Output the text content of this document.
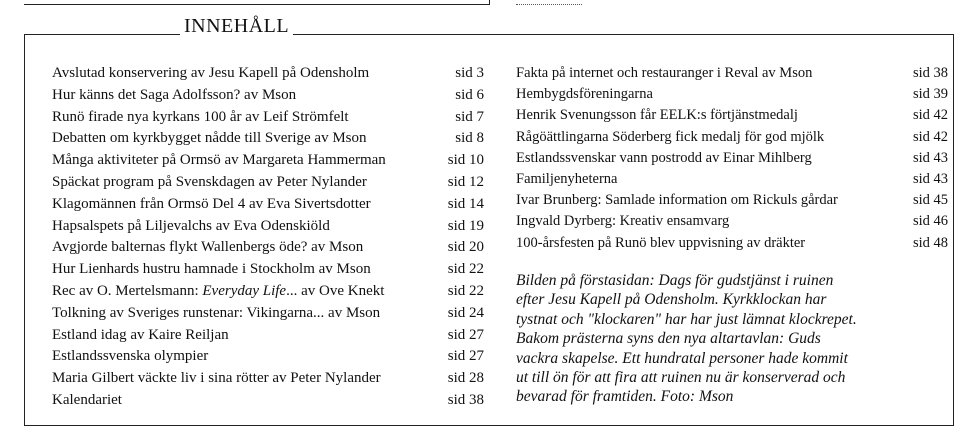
INNEHÅLL
Avslutad konservering av Jesu Kapell på Odensholm	sid 3
Hur känns det Saga Adolfsson? av Mson	sid 6
Runö firade nya kyrkans 100 år av Leif Strömfelt	sid 7
Debatten om kyrkbygget nådde till Sverige av Mson	sid 8
Många aktiviteter på Ormsö av Margareta Hammerman	sid 10
Späckat program på Svenskdagen av Peter Nylander	sid 12
Klagomännen från Ormsö Del 4 av Eva Sivertsdotter	sid 14
Hapsalspets på Liljevalchs av Eva Odenskiöld	sid 19
Avgjorde balternas flykt Wallenbergs öde? av Mson	sid 20
Hur Lienhards hustru hamnade i Stockholm av Mson	sid 22
Rec av O. Mertelsmann: Everyday Life... av Ove Knekt	sid 22
Tolkning av Sveriges runstenar: Vikingarna... av Mson	sid 24
Estland idag av Kaire Reiljan	sid 27
Estlandssvenska olympier	sid 27
Maria Gilbert väckte liv i sina rötter av Peter Nylander	sid 28
Kalendariet	sid 38
Fakta på internet och restauranger i Reval av Mson	sid 38
Hembygdsföreningarna	sid 39
Henrik Svenungsson får EELK:s förtjänstmedalj	sid 42
Rågöättlingarna Söderberg fick medalj för god mjölk	sid 42
Estlandssvenskar vann postrodd av Einar Mihlberg	sid 43
Familjenyheterna	sid 43
Ivar Brunberg: Samlade information om Rickuls gårdar	sid 45
Ingvald Dyrberg: Kreativ ensamvarg	sid 46
100-årsfesten på Runö blev uppvisning av dräkter	sid 48
Bilden på förstasidan: Dags för gudstjänst i ruinen
efter Jesu Kapell på Odensholm. Kyrkklockan har
tystnat och "klockaren" har har just lämnat klockrepet.
Bakom prästerna syns den nya altartavlan: Guds
vackra skapelse. Ett hundratal personer hade kommit
ut till ön för att fira att ruinen nu är konserverad och
bevarad för framtiden. Foto: Mson
